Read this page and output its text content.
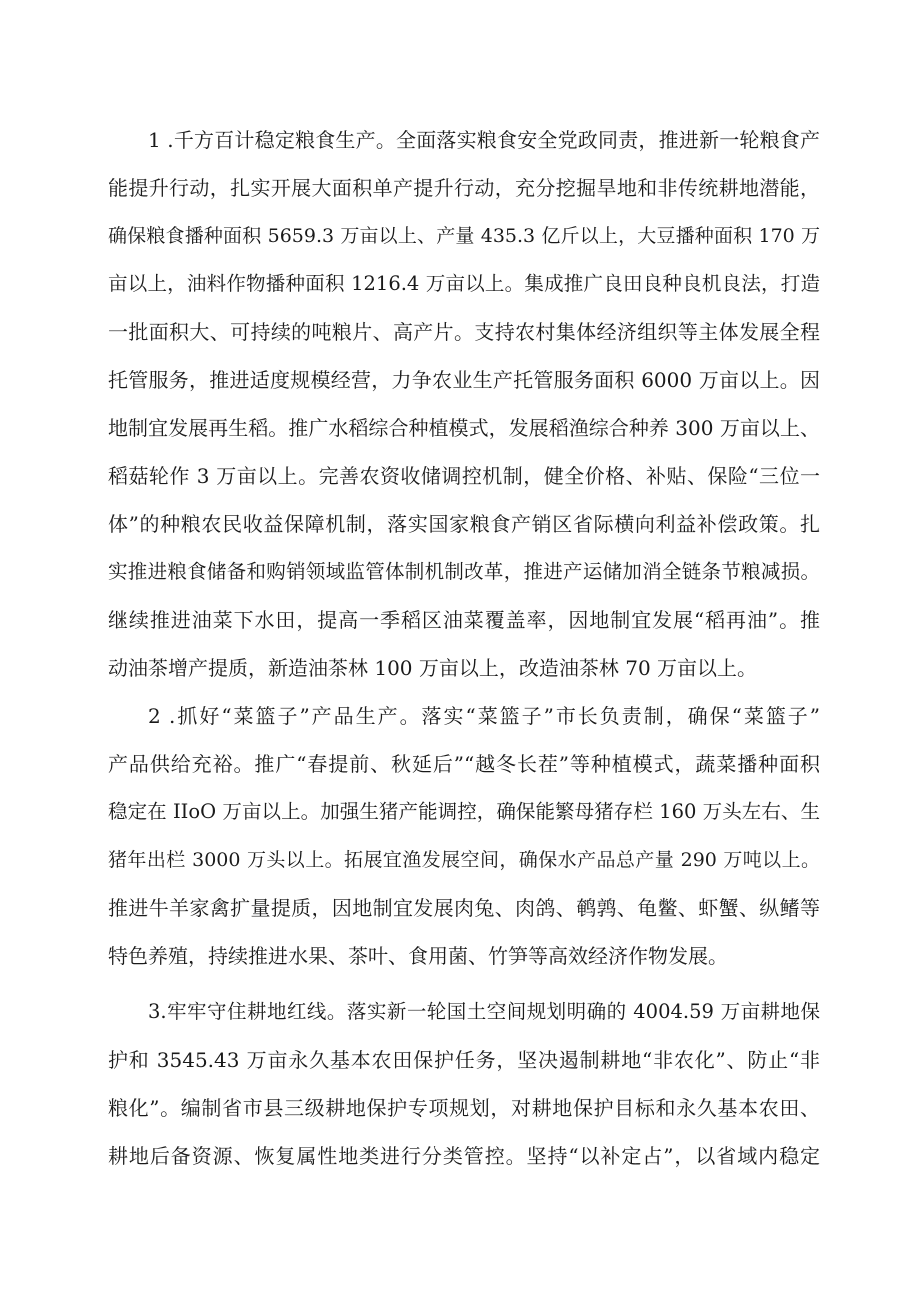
1 .千方百计稳定粮食生产。全面落实粮食安全党政同责，推进新一轮粮食产
能提升行动，扎实开展大面积单产提升行动，充分挖掘旱地和非传统耕地潜能，
确保粮食播种面积 5659.3 万亩以上、产量 435.3 亿斤以上，大豆播种面积 170 万
亩以上，油料作物播种面积 1216.4 万亩以上。集成推广良田良种良机良法，打造
一批面积大、可持续的吨粮片、高产片。支持农村集体经济组织等主体发展全程
托管服务，推进适度规模经营，力争农业生产托管服务面积 6000 万亩以上。因
地制宜发展再生稻。推广水稻综合种植模式，发展稻渔综合种养 300 万亩以上、
稻菇轮作 3 万亩以上。完善农资收储调控机制，健全价格、补贴、保险“三位一
体”的种粮农民收益保障机制，落实国家粮食产销区省际横向利益补偿政策。扎
实推进粮食储备和购销领域监管体制机制改革，推进产运储加消全链条节粮减损。
继续推进油菜下水田，提高一季稻区油菜覆盖率，因地制宜发展“稻再油”。推
动油茶增产提质，新造油茶林 100 万亩以上，改造油茶林 70 万亩以上。
2 .抓好“菜篮子”产品生产。落实“菜篮子”市长负责制，确保“菜篮子”
产品供给充裕。推广“春提前、秋延后”“越冬长茬”等种植模式，蔬菜播种面积
稳定在 IIoO 万亩以上。加强生猪产能调控，确保能繁母猪存栏 160 万头左右、生
猪年出栏 3000 万头以上。拓展宜渔发展空间，确保水产品总产量 290 万吨以上。
推进牛羊家禽扩量提质，因地制宜发展肉兔、肉鸽、鹌鹑、龟鳖、虾蟹、纵鳍等
特色养殖，持续推进水果、茶叶、食用菌、竹笋等高效经济作物发展。
3.牢牢守住耕地红线。落实新一轮国土空间规划明确的 4004.59 万亩耕地保
护和 3545.43 万亩永久基本农田保护任务，坚决遏制耕地“非农化”、防止“非
粮化”。编制省市县三级耕地保护专项规划，对耕地保护目标和永久基本农田、
耕地后备资源、恢复属性地类进行分类管控。坚持“以补定占”，以省域内稳定
